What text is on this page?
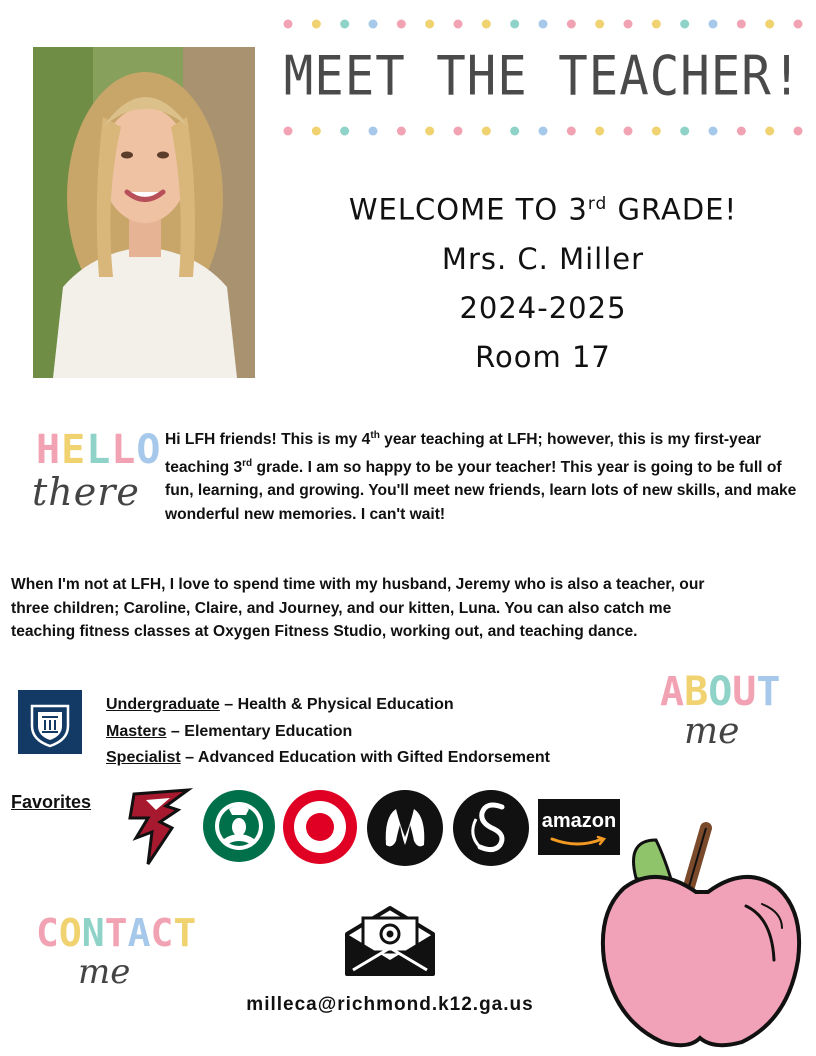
MEET THE TEACHER!
WELCOME TO 3rd GRADE!
Mrs. C. Miller
2024-2025
Room 17
HELLO
there
Hi LFH friends! This is my 4th year teaching at LFH; however, this is my first-year teaching 3rd grade. I am so happy to be your teacher! This year is going to be full of fun, learning, and growing. You'll meet new friends, learn lots of new skills, and make wonderful new memories. I can't wait!
When I'm not at LFH, I love to spend time with my husband, Jeremy who is also a teacher, our three children; Caroline, Claire, and Journey, and our kitten, Luna. You can also catch me teaching fitness classes at Oxygen Fitness Studio, working out, and teaching dance.
Undergraduate – Health & Physical Education
Masters – Elementary Education
Specialist – Advanced Education with Gifted Endorsement
ABOUT
me
Favorites
amazon
CONTACT
me
milleca@richmond.k12.ga.us
